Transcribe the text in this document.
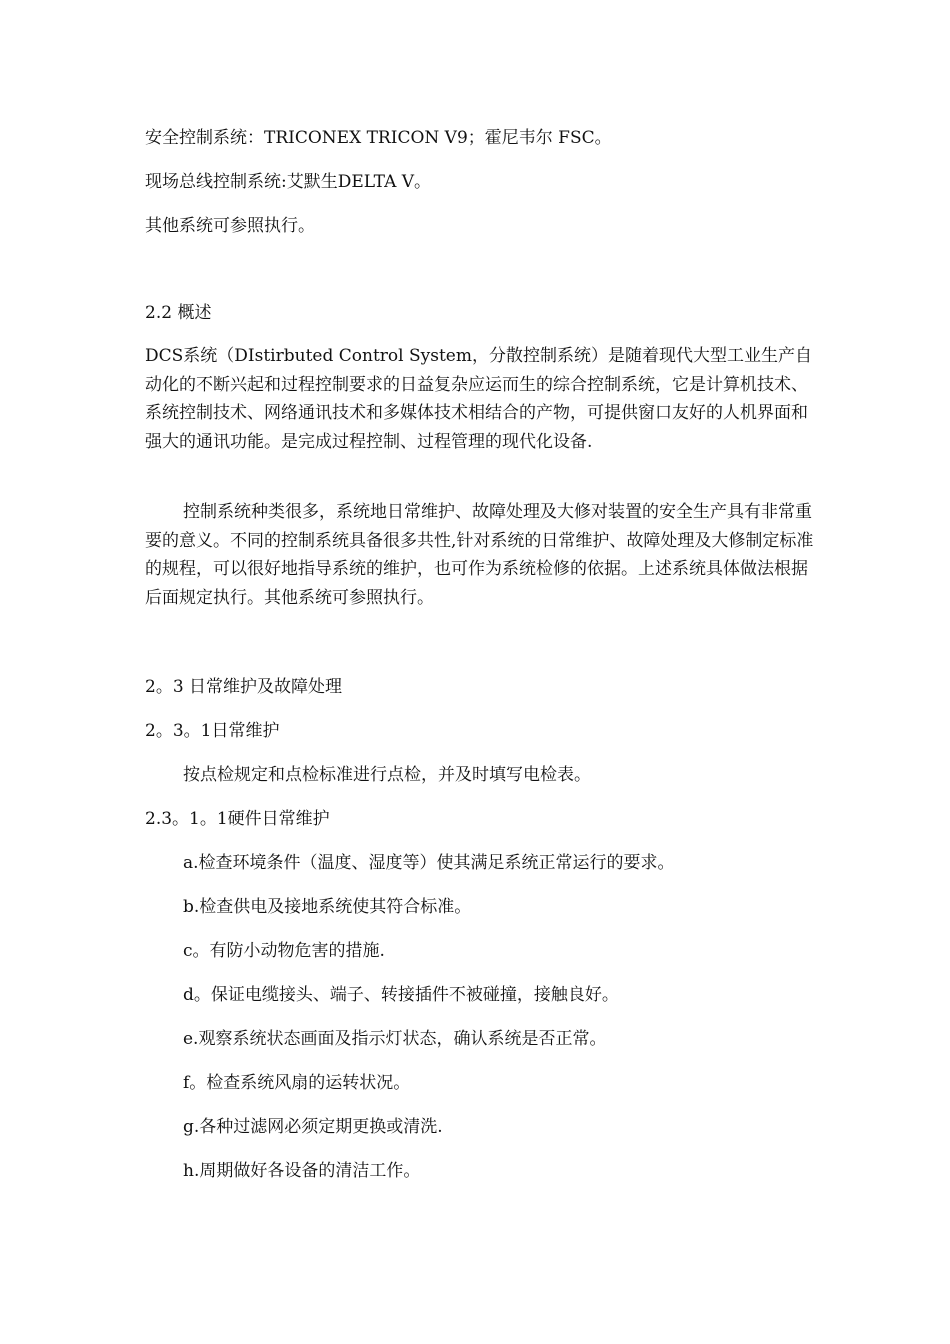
安全控制系统：TRICONEX TRICON V9；霍尼韦尔 FSC。
现场总线控制系统:艾默生DELTA V。
其他系统可参照执行。
2.2 概述
DCS系统（DIstirbuted Control System，分散控制系统）是随着现代大型工业生产自动化的不断兴起和过程控制要求的日益复杂应运而生的综合控制系统，它是计算机技术、系统控制技术、网络通讯技术和多媒体技术相结合的产物，可提供窗口友好的人机界面和强大的通讯功能。是完成过程控制、过程管理的现代化设备.
控制系统种类很多，系统地日常维护、故障处理及大修对装置的安全生产具有非常重要的意义。不同的控制系统具备很多共性,针对系统的日常维护、故障处理及大修制定标准的规程，可以很好地指导系统的维护，也可作为系统检修的依据。上述系统具体做法根据后面规定执行。其他系统可参照执行。
2。3 日常维护及故障处理
2。3。1日常维护
按点检规定和点检标准进行点检，并及时填写电检表。
2.3。1。1硬件日常维护
a.检查环境条件（温度、湿度等）使其满足系统正常运行的要求。
b.检查供电及接地系统使其符合标准。
c。有防小动物危害的措施.
d。保证电缆接头、端子、转接插件不被碰撞，接触良好。
e.观察系统状态画面及指示灯状态，确认系统是否正常。
f。检查系统风扇的运转状况。
g.各种过滤网必须定期更换或清洗.
h.周期做好各设备的清洁工作。
